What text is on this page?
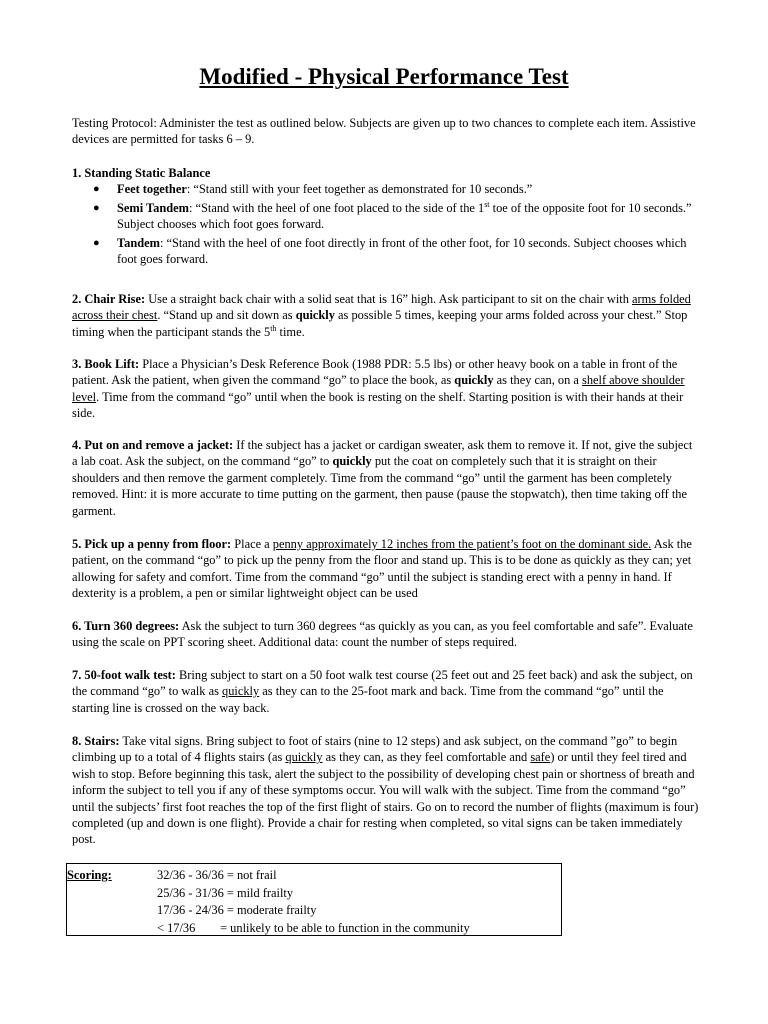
Modified - Physical Performance Test
Testing Protocol: Administer the test as outlined below. Subjects are given up to two chances to complete each item. Assistive devices are permitted for tasks 6 – 9.
1. Standing Static Balance
● Feet together: “Stand still with your feet together as demonstrated for 10 seconds.”
● Semi Tandem: “Stand with the heel of one foot placed to the side of the 1st toe of the opposite foot for 10 seconds.” Subject chooses which foot goes forward.
● Tandem: “Stand with the heel of one foot directly in front of the other foot, for 10 seconds. Subject chooses which foot goes forward.
2. Chair Rise: Use a straight back chair with a solid seat that is 16” high. Ask participant to sit on the chair with arms folded across their chest. “Stand up and sit down as quickly as possible 5 times, keeping your arms folded across your chest.” Stop timing when the participant stands the 5th time.
3. Book Lift: Place a Physician’s Desk Reference Book (1988 PDR: 5.5 lbs) or other heavy book on a table in front of the patient. Ask the patient, when given the command “go” to place the book, as quickly as they can, on a shelf above shoulder level. Time from the command “go” until when the book is resting on the shelf. Starting position is with their hands at their side.
4. Put on and remove a jacket: If the subject has a jacket or cardigan sweater, ask them to remove it. If not, give the subject a lab coat. Ask the subject, on the command “go” to quickly put the coat on completely such that it is straight on their shoulders and then remove the garment completely. Time from the command “go” until the garment has been completely removed. Hint: it is more accurate to time putting on the garment, then pause (pause the stopwatch), then time taking off the garment.
5. Pick up a penny from floor: Place a penny approximately 12 inches from the patient’s foot on the dominant side. Ask the patient, on the command “go” to pick up the penny from the floor and stand up. This is to be done as quickly as they can; yet allowing for safety and comfort. Time from the command “go” until the subject is standing erect with a penny in hand. If dexterity is a problem, a pen or similar lightweight object can be used
6. Turn 360 degrees: Ask the subject to turn 360 degrees “as quickly as you can, as you feel comfortable and safe”. Evaluate using the scale on PPT scoring sheet. Additional data: count the number of steps required.
7. 50-foot walk test: Bring subject to start on a 50 foot walk test course (25 feet out and 25 feet back) and ask the subject, on the command “go” to walk as quickly as they can to the 25-foot mark and back. Time from the command “go” until the starting line is crossed on the way back.
8. Stairs: Take vital signs. Bring subject to foot of stairs (nine to 12 steps) and ask subject, on the command ”go” to begin climbing up to a total of 4 flights stairs (as quickly as they can, as they feel comfortable and safe) or until they feel tired and wish to stop. Before beginning this task, alert the subject to the possibility of developing chest pain or shortness of breath and inform the subject to tell you if any of these symptoms occur. You will walk with the subject. Time from the command “go” until the subjects’ first foot reaches the top of the first flight of stairs. Go on to record the number of flights (maximum is four) completed (up and down is one flight). Provide a chair for resting when completed, so vital signs can be taken immediately post.
Scoring:	32/36 - 36/36 = not frail
25/36 - 31/36 = mild frailty
17/36 - 24/36 = moderate frailty
< 17/36        = unlikely to be able to function in the community
